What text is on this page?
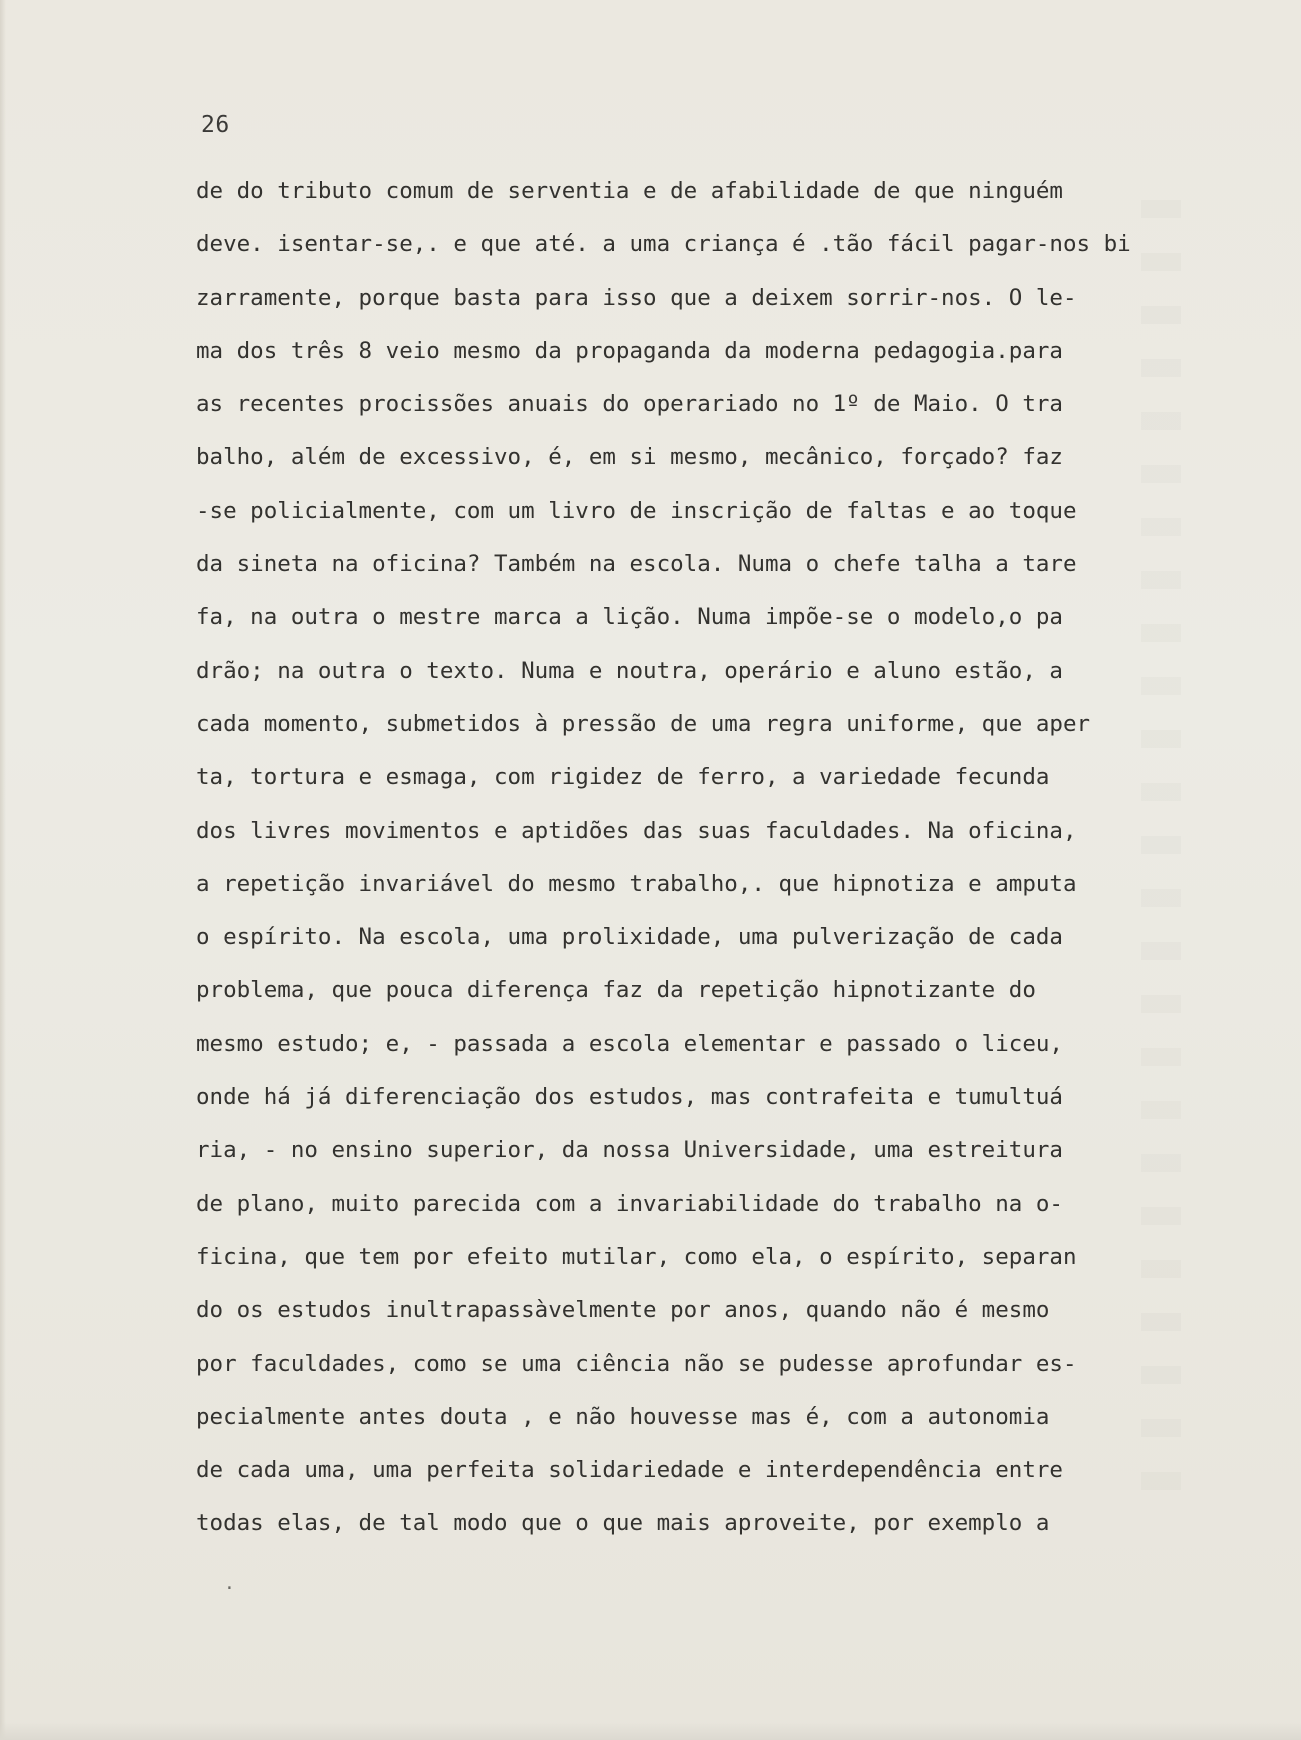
26
de do tributo comum de serventia e de afabilidade de que ninguém
deve. isentar-se,. e que até. a uma criança é .tão fácil pagar-nos bi
zarramente, porque basta para isso que a deixem sorrir-nos. O le-
ma dos três 8 veio mesmo da propaganda da moderna pedagogia.para
as recentes procissões anuais do operariado no 1º de Maio. O tra
balho, além de excessivo, é, em si mesmo, mecânico, forçado? faz
-se policialmente, com um livro de inscrição de faltas e ao toque
da sineta na oficina? Também na escola. Numa o chefe talha a tare
fa, na outra o mestre marca a lição. Numa impõe-se o modelo,o pa
drão; na outra o texto. Numa e noutra, operário e aluno estão, a
cada momento, submetidos à pressão de uma regra uniforme, que aper
ta, tortura e esmaga, com rigidez de ferro, a variedade fecunda
dos livres movimentos e aptidões das suas faculdades. Na oficina,
a repetição invariável do mesmo trabalho,. que hipnotiza e amputa
o espírito. Na escola, uma prolixidade, uma pulverização de cada
problema, que pouca diferença faz da repetição hipnotizante do
mesmo estudo; e, - passada a escola elementar e passado o liceu,
onde há já diferenciação dos estudos, mas contrafeita e tumultuá
ria, - no ensino superior, da nossa Universidade, uma estreitura
de plano, muito parecida com a invariabilidade do trabalho na o-
ficina, que tem por efeito mutilar, como ela, o espírito, separan
do os estudos inultrapassàvelmente por anos, quando não é mesmo
por faculdades, como se uma ciência não se pudesse aprofundar es-
pecialmente antes douta , e não houvesse mas é, com a autonomia
de cada uma, uma perfeita solidariedade e interdependência entre
todas elas, de tal modo que o que mais aproveite, por exemplo a
·
